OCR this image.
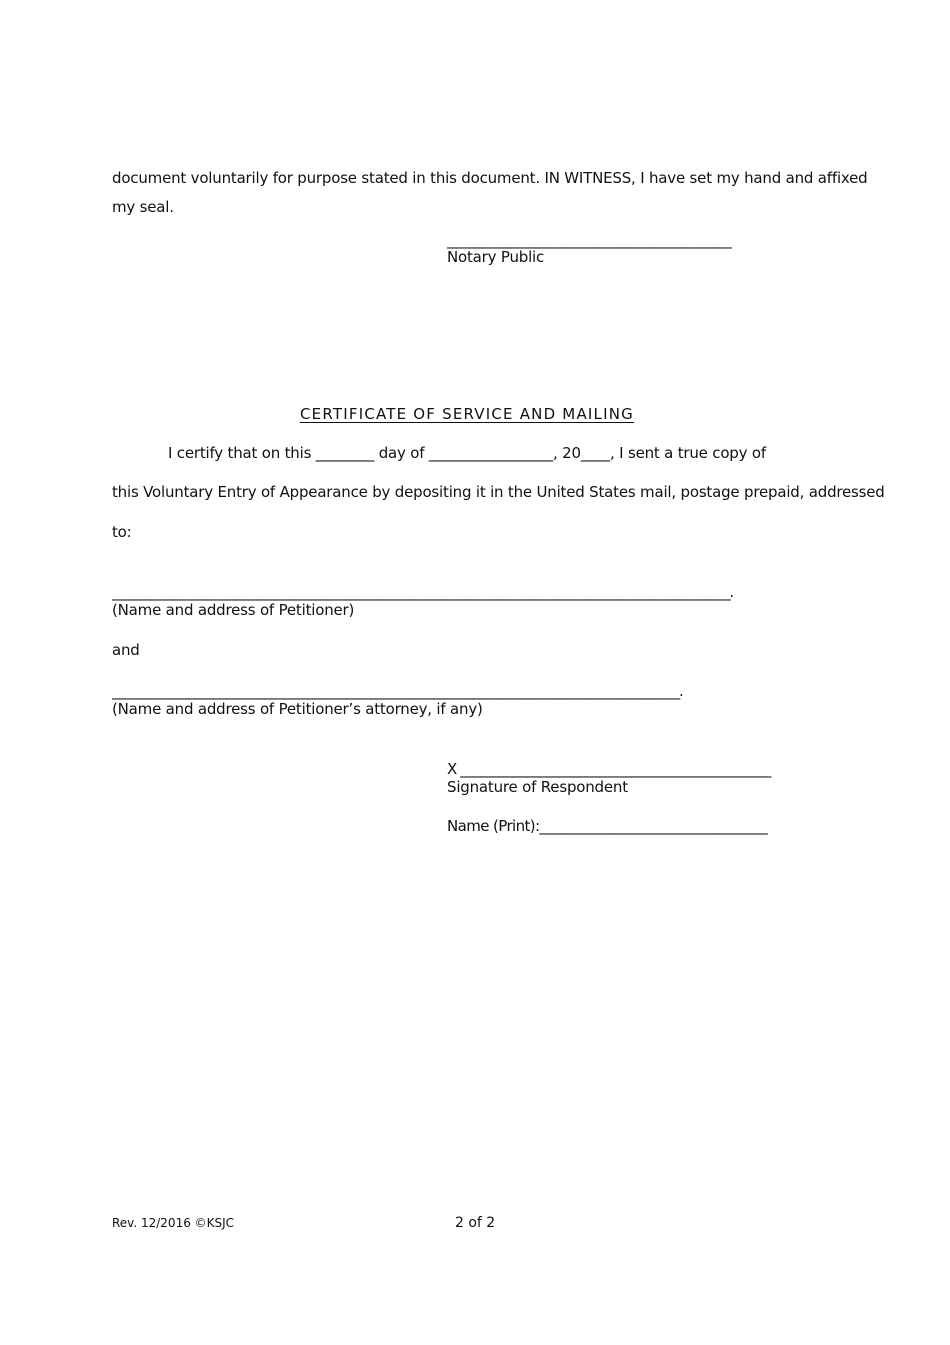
document voluntarily for purpose stated in this document. IN WITNESS, I have set my hand and affixed
my seal.
_____________________________________________
Notary Public
CERTIFICATE OF SERVICE AND MAILING
I certify that on this ________ day of _________________, 20____, I sent a true copy of
this Voluntary Entry of Appearance by depositing it in the United States mail, postage prepaid, addressed
to:
__________________________________________________________________________________________________.
(Name and address of Petitioner)
and
__________________________________________________________________________________________.
(Name and address of Petitioner’s attorney, if any)
X _______________________________________________
Signature of Respondent
Name (Print):_________________________________
Rev. 12/2016 ©KSJC	2 of 2
